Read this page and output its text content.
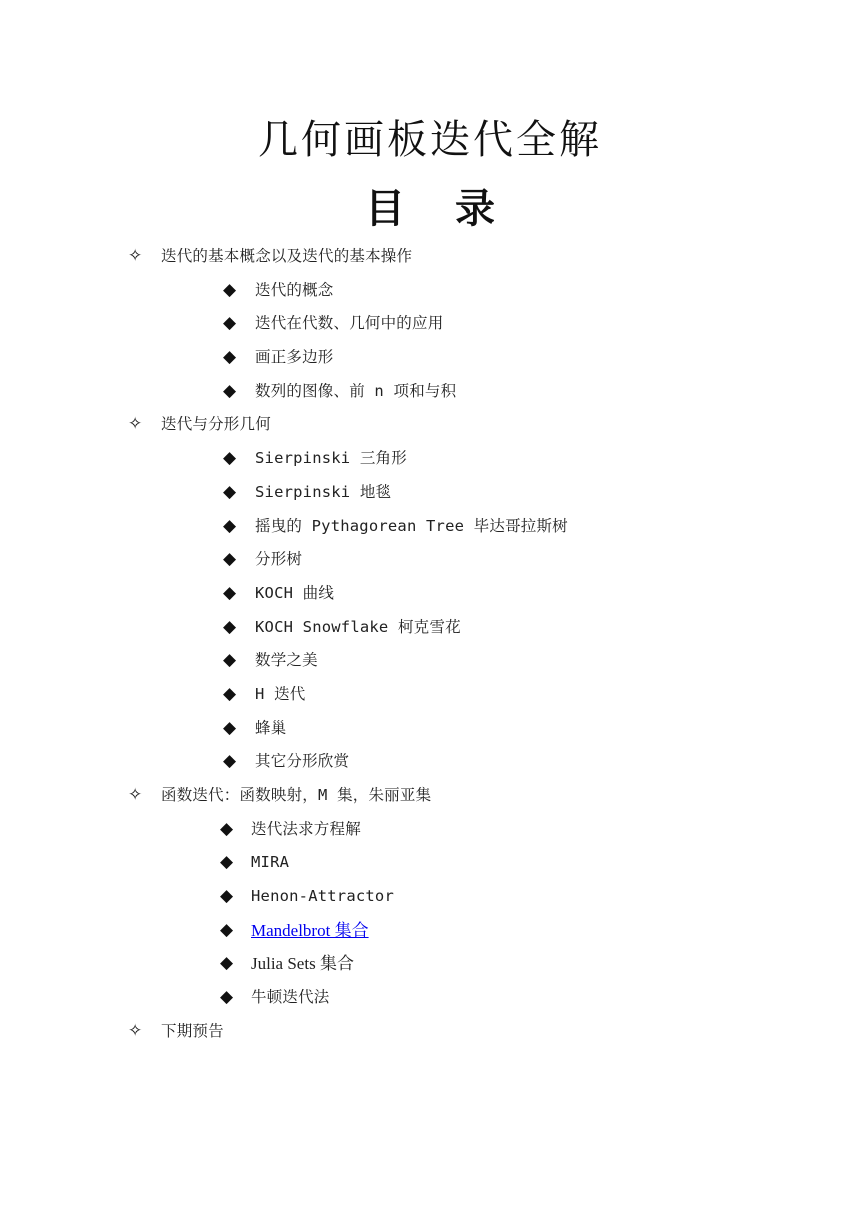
几何画板迭代全解
目 录
✧ 迭代的基本概念以及迭代的基本操作
◆ 迭代的概念
◆ 迭代在代数、几何中的应用
◆ 画正多边形
◆ 数列的图像、前 n 项和与积
✧ 迭代与分形几何
◆ Sierpinski 三角形
◆ Sierpinski 地毯
◆ 摇曳的 Pythagorean Tree 毕达哥拉斯树
◆ 分形树
◆ KOCH 曲线
◆ KOCH Snowflake 柯克雪花
◆ 数学之美
◆ H 迭代
◆ 蜂巢
◆ 其它分形欣赏
✧ 函数迭代：函数映射，M 集，朱丽亚集
◆ 迭代法求方程解
◆ MIRA
◆ Henon-Attractor
◆ Mandelbrot 集合
◆ Julia Sets 集合
◆ 牛顿迭代法
✧ 下期预告
